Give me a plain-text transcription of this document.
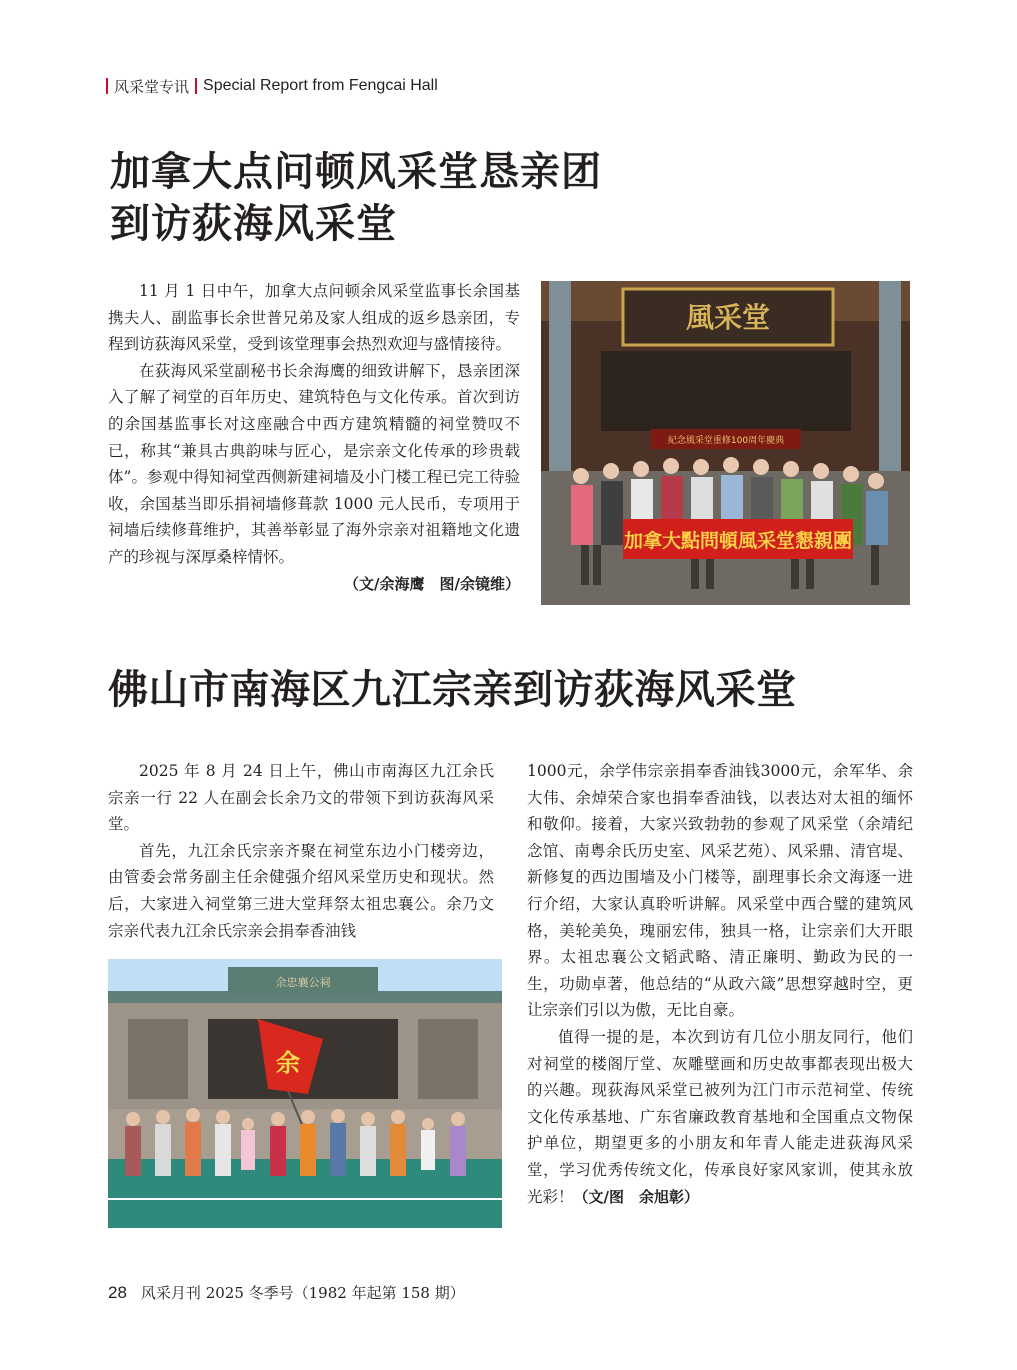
风采堂专讯 Special Report from Fengcai Hall
加拿大点问顿风采堂恳亲团
到访荻海风采堂

11 月 1 日中午，加拿大点问顿余风采堂监事长余国基携夫人、副监事长余世普兄弟及家人组成的返乡恳亲团，专程到访荻海风采堂，受到该堂理事会热烈欢迎与盛情接待。

在荻海风采堂副秘书长余海鹰的细致讲解下，恳亲团深入了解了祠堂的百年历史、建筑特色与文化传承。首次到访的余国基监事长对这座融合中西方建筑精髓的祠堂赞叹不已，称其“兼具古典韵味与匠心，是宗亲文化传承的珍贵载体”。参观中得知祠堂西侧新建祠墙及小门楼工程已完工待验收，余国基当即乐捐祠墙修葺款 1000 元人民币，专项用于祠墙后续修葺维护，其善举彰显了海外宗亲对祖籍地文化遗产的珍视与深厚桑梓情怀。

（文/余海鹰　图/余镜维）

風采堂
紀念風采堂重修100周年慶典
加拿大點問頓風采堂懇親團
佛山市南海区九江宗亲到访荻海风采堂

2025 年 8 月 24 日上午，佛山市南海区九江余氏宗亲一行 22 人在副会长余乃文的带领下到访荻海风采堂。

首先，九江余氏宗亲齐聚在祠堂东边小门楼旁边，由管委会常务副主任余健强介绍风采堂历史和现状。然后，大家进入祠堂第三进大堂拜祭太祖忠襄公。余乃文宗亲代表九江余氏宗亲会捐奉香油钱

余忠襄公祠
余

1000元，余学伟宗亲捐奉香油钱3000元，余军华、余大伟、余焯荣合家也捐奉香油钱，以表达对太祖的缅怀和敬仰。接着，大家兴致勃勃的参观了风采堂（余靖纪念馆、南粤余氏历史室、风采艺苑）、风采鼎、清官堤、新修复的西边围墙及小门楼等，副理事长余文海逐一进行介绍，大家认真聆听讲解。风采堂中西合璧的建筑风格，美轮美奂，瑰丽宏伟，独具一格，让宗亲们大开眼界。太祖忠襄公文韬武略、清正廉明、勤政为民的一生，功勋卓著，他总结的“从政六箴”思想穿越时空，更让宗亲们引以为傲，无比自豪。

值得一提的是，本次到访有几位小朋友同行，他们对祠堂的楼阁厅堂、灰雕壁画和历史故事都表现出极大的兴趣。现荻海风采堂已被列为江门市示范祠堂、传统文化传承基地、广东省廉政教育基地和全国重点文物保护单位，期望更多的小朋友和年青人能走进荻海风采堂，学习优秀传统文化，传承良好家风家训，使其永放光彩！（文/图　余旭彰）

28 风采月刊 2025 冬季号（1982 年起第 158 期）
